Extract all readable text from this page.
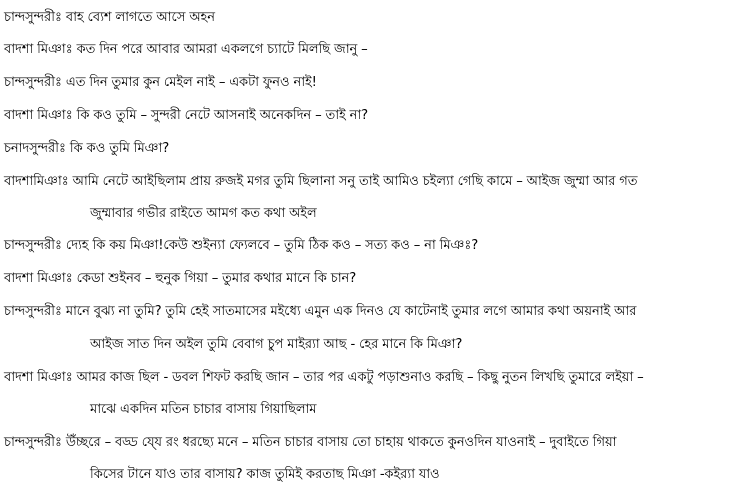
চান্দসুন্দরীঃ বাহ ব্যেশ লাগতে আসে অহন
বাদশা মিঞাঃ কত দিন পরে আবার আমরা একলগে চ্যাটে মিলছি জানু –
চান্দসুন্দরীঃ এত দিন তুমার কুন মেইল নাই – একটা ফুনও নাই!
বাদশা মিঞাঃ কি কও তুমি – সুন্দরী নেটে আসনাই অনেকদিন – তাই না?
চনাদসুন্দরীঃ কি কও তুমি মিঞা?
বাদশামিঞাঃ আমি নেটে আইছিলাম প্রায় রুজই মগর তুমি ছিলানা সনু তাই আমিও চইল্যা গেছি কামে – আইজ জুম্মা আর গত
জুম্মাবার গভীর রাইতে আমগ কত কথা অইল
চান্দসুন্দরীঃ দ্যেহ কি কয় মিঞা!কেউ শুইন্যা ফ্যেলবে – তুমি ঠিক কও – সত্য কও – না মিঞঃ?
বাদশা মিঞাঃ কেডা শুইনব – হুনুক গিয়া – তুমার কথার মানে কি চান?
চান্দসুন্দরীঃ মানে বুঝ্য না তুমি? তুমি হেই সাতমাসের মইধ্যে এমুন এক দিনও যে কাটেনাই তুমার লগে আমার কথা অয়নাই আর
আইজ সাত দিন অইল তুমি বেবাগ চুপ মাইর‍্যা আছ - হের মানে কি মিঞা?
বাদশা মিঞাঃ আমর কাজ ছিল - ডবল শিফট করছি জান – তার পর একটু পড়াশুনাও করছি – কিছু নুতন লিখছি তুমারে লইয়া –
মাঝে একদিন মতিন চাচার বাসায় গিয়াছিলাম
চান্দসুন্দরীঃ উঁচ্ছরে – বড্ড যে্য রং ধরছ্যে মনে – মতিন চাচার বাসায় তো চাহায় থাকতে কুনওদিন যাওনাই – দুবাইতে গিয়া
কিসের টানে যাও তার বাসায়? কাজ তুমিই করতাছ মিঞা -কইর‍্যা যাও
